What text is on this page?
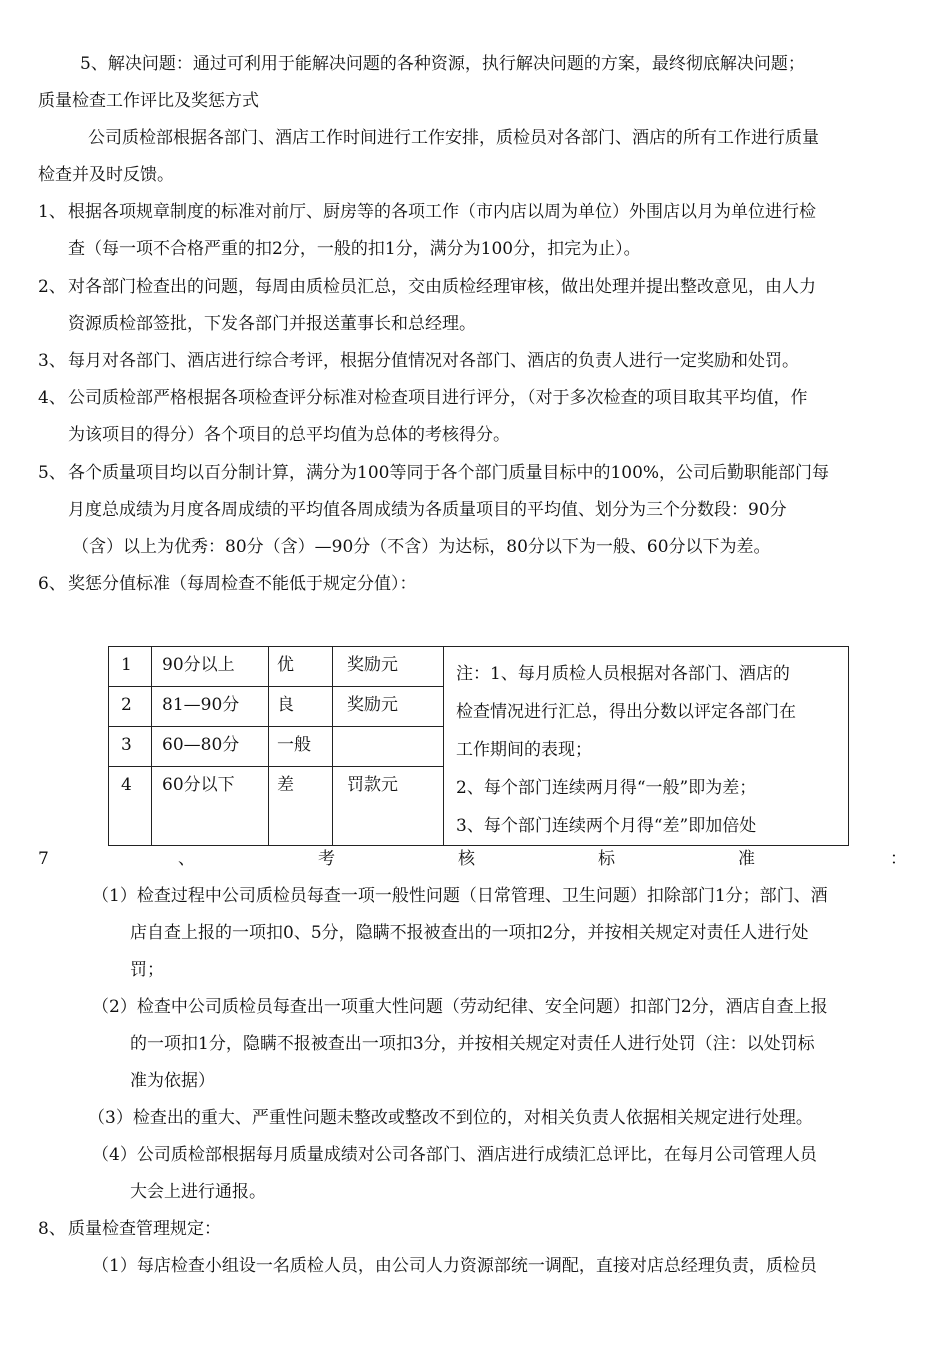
5、解决问题：通过可利用于能解决问题的各种资源，执行解决问题的方案，最终彻底解决问题；
质量检查工作评比及奖惩方式
公司质检部根据各部门、酒店工作时间进行工作安排，质检员对各部门、酒店的所有工作进行质量
检查并及时反馈。
1、 根据各项规章制度的标准对前厅、厨房等的各项工作（市内店以周为单位）外围店以月为单位进行检
查（每一项不合格严重的扣2分，一般的扣1分，满分为100分，扣完为止）。
2、 对各部门检查出的问题，每周由质检员汇总，交由质检经理审核，做出处理并提出整改意见，由人力
资源质检部签批，下发各部门并报送董事长和总经理。
3、 每月对各部门、酒店进行综合考评，根据分值情况对各部门、酒店的负责人进行一定奖励和处罚。
4、 公司质检部严格根据各项检查评分标准对检查项目进行评分，（对于多次检查的项目取其平均值，作
为该项目的得分）各个项目的总平均值为总体的考核得分。
5、 各个质量项目均以百分制计算，满分为100等同于各个部门质量目标中的100%，公司后勤职能部门每
月度总成绩为月度各周成绩的平均值各周成绩为各质量项目的平均值、划分为三个分数段：90分
（含）以上为优秀：80分（含）—90分（不含）为达标，80分以下为一般、60分以下为差。
6、 奖惩分值标准（每周检查不能低于规定分值）：
1	90分以上	优	奖励元	注：1、每月质检人员根据对各部门、酒店的
检查情况进行汇总，得出分数以评定各部门在
工作期间的表现；
2、每个部门连续两月得“一般”即为差；
3、每个部门连续两个月得“差”即加倍处

2	81—90分	良	奖励元	
3	60—80分	一般		
4	60分以下	差	罚款元	
7	、	考	核	标	准	：
（1）检查过程中公司质检员每查一项一般性问题（日常管理、卫生问题）扣除部门1分；部门、酒
店自查上报的一项扣0、5分，隐瞒不报被查出的一项扣2分，并按相关规定对责任人进行处
罚；
（2）检查中公司质检员每查出一项重大性问题（劳动纪律、安全问题）扣部门2分，酒店自查上报
的一项扣1分，隐瞒不报被查出一项扣3分，并按相关规定对责任人进行处罚（注：以处罚标
准为依据）
（3）检查出的重大、严重性问题未整改或整改不到位的，对相关负责人依据相关规定进行处理。
（4）公司质检部根据每月质量成绩对公司各部门、酒店进行成绩汇总评比，在每月公司管理人员
大会上进行通报。
8、 质量检查管理规定：
（1）每店检查小组设一名质检人员，由公司人力资源部统一调配，直接对店总经理负责，质检员
